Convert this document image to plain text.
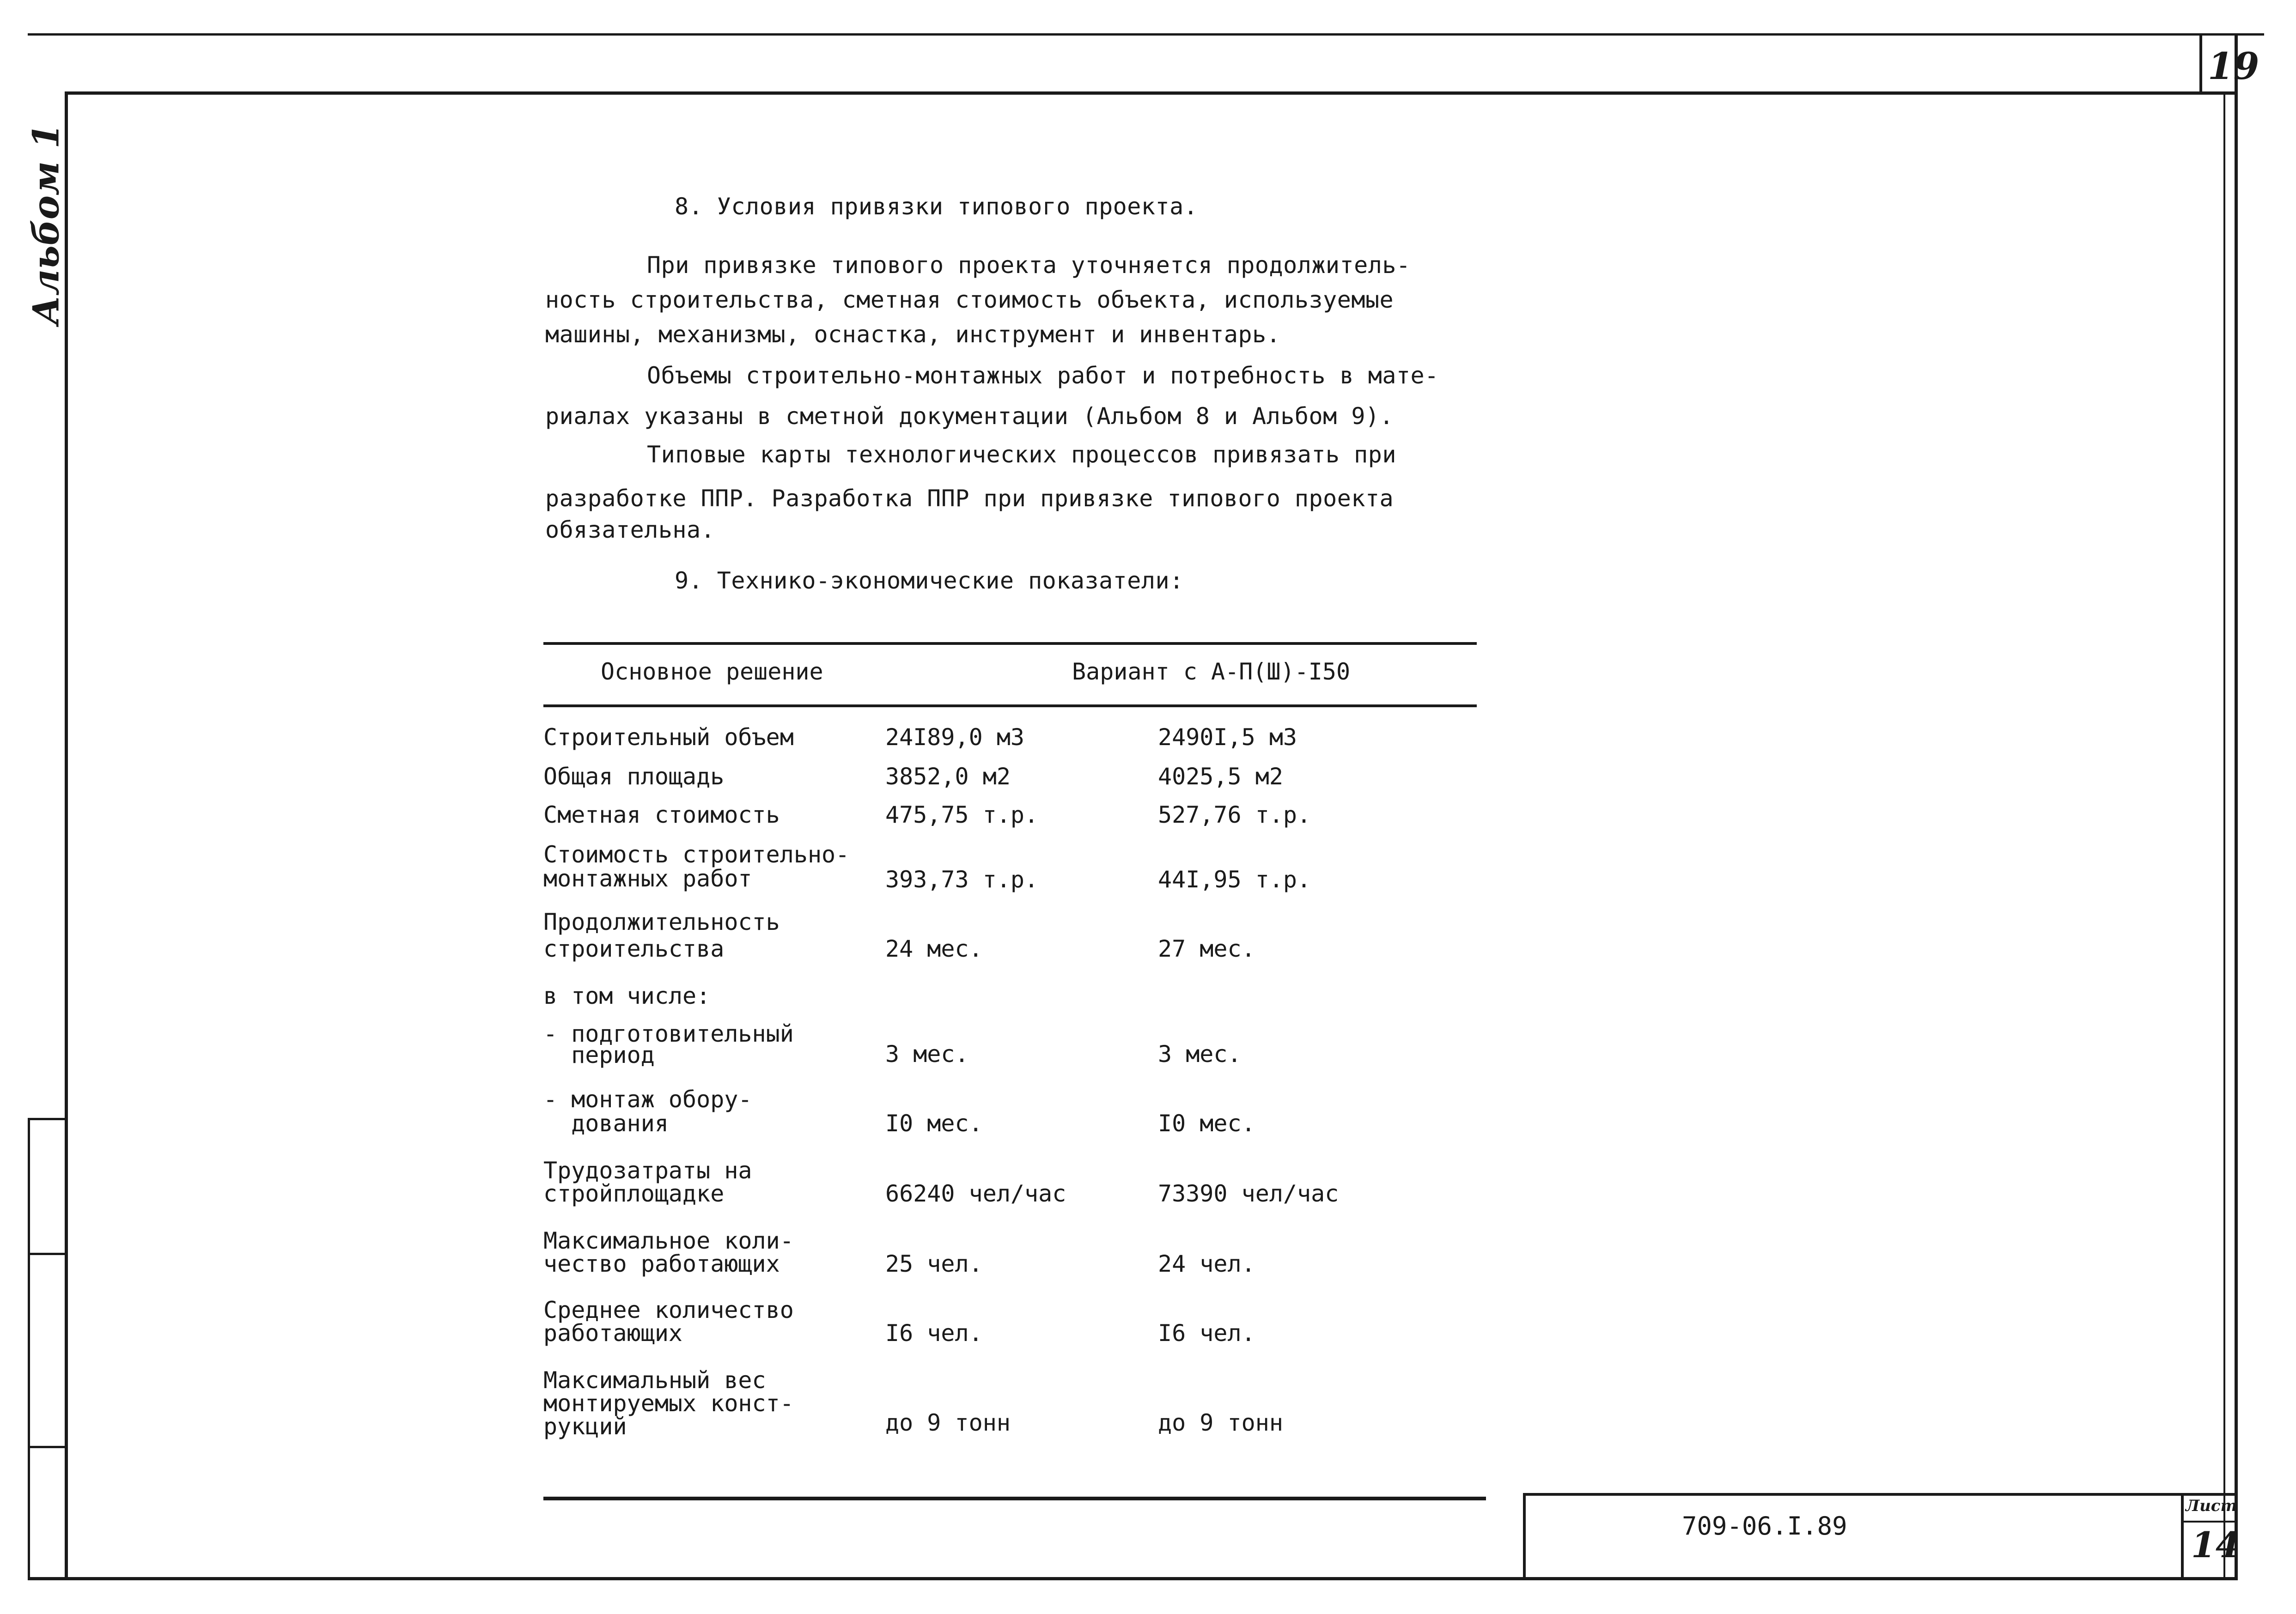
19
Альбом 1	8. Условия привязки типового проекта.
При привязке типового проекта уточняется продолжитель-
ность строительства, сметная стоимость объекта, используемые
машины, механизмы, оснастка, инструмент и инвентарь.
Объемы строительно-монтажных работ и потребность в мате-
риалах указаны в сметной документации (Альбом 8 и Альбом 9).
Типовые карты технологических процессов привязать при
разработке ППР. Разработка ППР при привязке типового проекта
обязательна.
9. Технико-экономические показатели:
Основное решение	Вариант с А-П(Ш)-I50
Строительный объем	24I89,0 м3	2490I,5 м3
Общая площадь	3852,0 м2	4025,5 м2
Сметная стоимость	475,75 т.р.	527,76 т.р.
Стоимость строительно-
монтажных работ	393,73 т.р.	44I,95 т.р.
Продолжительность
строительства	24 мес.	27 мес.
в том числе:
- подготовительный
период	3 мес.	3 мес.
- монтаж обору-
дования	I0 мес.	I0 мес.
Трудозатраты на
стройплощадке	66240 чел/час	73390 чел/час
Максимальное коли-
чество работающих	25 чел.	24 чел.
Среднее количество
работающих	I6 чел.	I6 чел.
Максимальный вес
монтируемых конст-
рукций	до 9 тонн	до 9 тонн
709-06.I.89
Лист
14
